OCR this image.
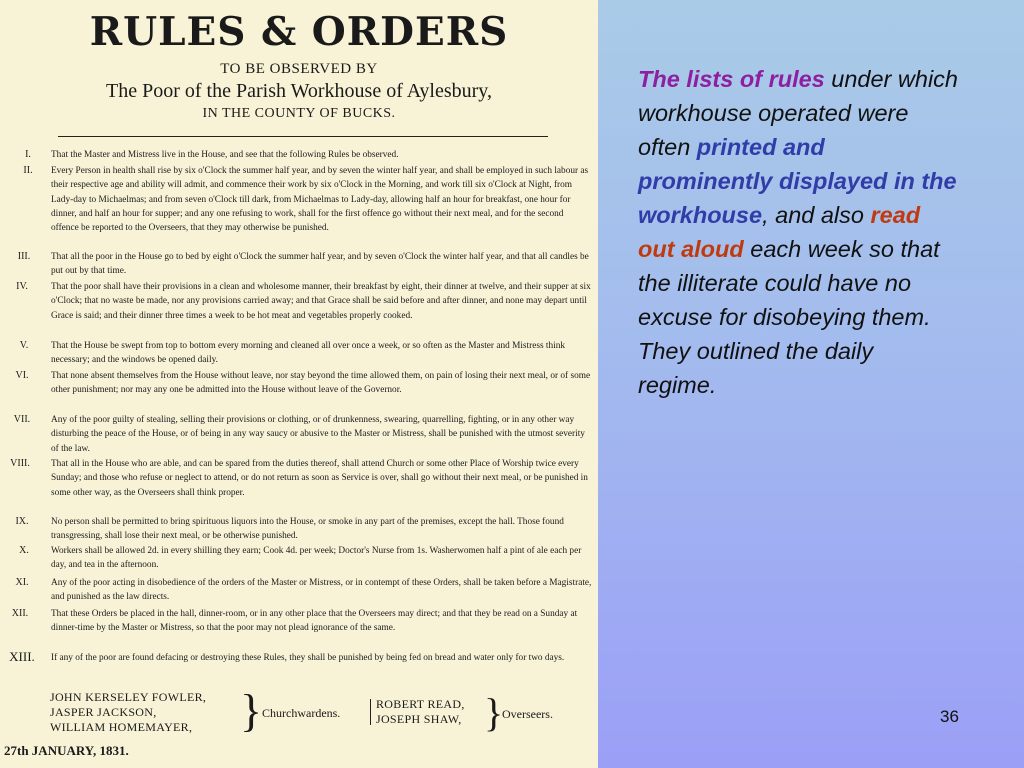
RULES & ORDERS
TO BE OBSERVED BY
The Poor of the Parish Workhouse of Aylesbury,
IN THE COUNTY OF BUCKS.
I.	That the Master and Mistress live in the House, and see that the following Rules be observed.

II.	Every Person in health shall rise by six o'Clock the summer half year, and by seven the winter half year, and shall be employed in such labour as their respective age and ability will admit, and commence their work by six o'Clock in the Morning, and work till six o'Clock at Night, from Lady-day to Michaelmas; and from seven o'Clock till dark, from Michaelmas to Lady-day, allowing half an hour for breakfast, one hour for dinner, and half an hour for supper; and any one refusing to work, shall for the first offence go without their next meal, and for the second offence be reported to the Overseers, that they may otherwise be punished.

III.	That all the poor in the House go to bed by eight o'Clock the summer half year, and by seven o'Clock the winter half year, and that all candles be put out by that time.

IV.	That the poor shall have their provisions in a clean and wholesome manner, their breakfast by eight, their dinner at twelve, and their supper at six o'Clock; that no waste be made, nor any provisions carried away; and that Grace shall be said before and after dinner, and none may depart until Grace is said; and their dinner three times a week to be hot meat and vegetables properly cooked.

V.	That the House be swept from top to bottom every morning and cleaned all over once a week, or so often as the Master and Mistress think necessary; and the windows be opened daily.

VI.	That none absent themselves from the House without leave, nor stay beyond the time allowed them, on pain of losing their next meal, or of some other punishment; nor may any one be admitted into the House without leave of the Governor.

VII.	Any of the poor guilty of stealing, selling their provisions or clothing, or of drunkenness, swearing, quarrelling, fighting, or in any other way disturbing the peace of the House, or of being in any way saucy or abusive to the Master or Mistress, shall be punished with the utmost severity of the law.

VIII.	That all in the House who are able, and can be spared from the duties thereof, shall attend Church or some other Place of Worship twice every Sunday; and those who refuse or neglect to attend, or do not return as soon as Service is over, shall go without their next meal, or be punished in some other way, as the Overseers shall think proper.

IX.	No person shall be permitted to bring spirituous liquors into the House, or smoke in any part of the premises, except the hall. Those found transgressing, shall lose their next meal, or be otherwise punished.

X.	Workers shall be allowed 2d. in every shilling they earn; Cook 4d. per week; Doctor's Nurse from 1s. Washerwomen half a pint of ale each per day, and tea in the afternoon.

XI.	Any of the poor acting in disobedience of the orders of the Master or Mistress, or in contempt of these Orders, shall be taken before a Magistrate, and punished as the law directs.

XII.	That these Orders be placed in the hall, dinner-room, or in any other place that the Overseers may direct; and that they be read on a Sunday at dinner-time by the Master or Mistress, so that the poor may not plead ignorance of the same.

XIII.	If any of the poor are found defacing or destroying these Rules, they shall be punished by being fed on bread and water only for two days.

JOHN KERSELEY FOWLER,
JASPER JACKSON,
WILLIAM HOMEMAYER,	} Churchwardens.
ROBERT READ,
JOSEPH SHAW, }
Overseers.
27th JANUARY, 1831.

The lists of rules under which workhouse operated were often printed and prominently displayed in the workhouse, and also read out aloud each week so that the illiterate could have no excuse for disobeying them.

They outlined the daily regime.

36
